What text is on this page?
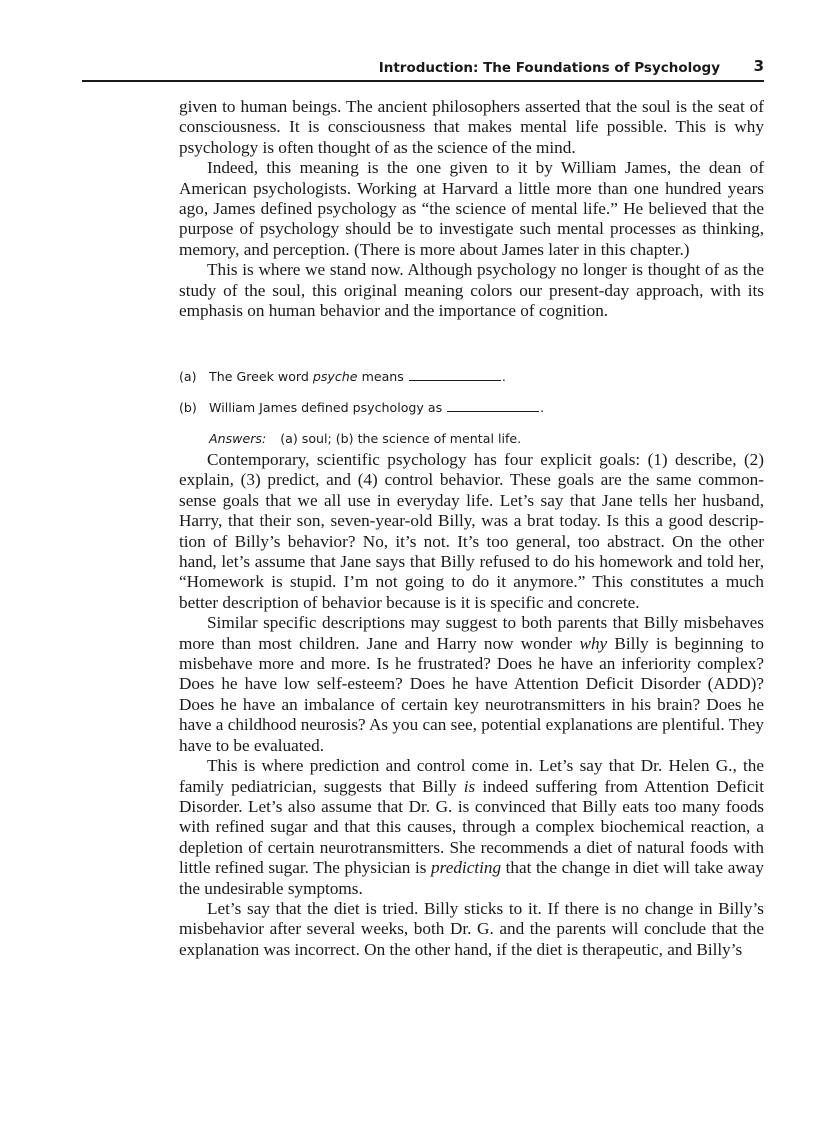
Introduction: The Foundations of Psychology 3

given to human beings. The ancient philosophers asserted that the soul is the seat of consciousness. It is consciousness that makes mental life possible. This is why psychology is often thought of as the science of the mind.

Indeed, this meaning is the one given to it by William James, the dean of American psychologists. Working at Harvard a little more than one hundred years ago, James defined psychology as “the science of mental life.” He believed that the purpose of psychology should be to investigate such mental processes as thinking, memory, and perception. (There is more about James later in this chapter.)

This is where we stand now. Although psychology no longer is thought of as the study of the soul, this original meaning colors our present-day approach, with its emphasis on human behavior and the importance of cognition.

(a) The Greek word psyche means	.
(b) William James defined psychology as	.
Answers: (a) soul; (b) the science of mental life.

Contemporary, scientific psychology has four explicit goals: (1) describe, (2) explain, (3) predict, and (4) control behavior. These goals are the same common-sense goals that we all use in everyday life. Let’s say that Jane tells her husband, Harry, that their son, seven-year-old Billy, was a brat today. Is this a good descrip-tion of Billy’s behavior? No, it’s not. It’s too general, too abstract. On the other hand, let’s assume that Jane says that Billy refused to do his homework and told her, “Homework is stupid. I’m not going to do it anymore.” This constitutes a much better description of behavior because is it is specific and concrete.

Similar specific descriptions may suggest to both parents that Billy misbehaves more than most children. Jane and Harry now wonder why Billy is beginning to misbehave more and more. Is he frustrated? Does he have an inferiority complex? Does he have low self-esteem? Does he have Attention Deficit Disorder (ADD)? Does he have an imbalance of certain key neurotransmitters in his brain? Does he have a childhood neurosis? As you can see, potential explanations are plentiful. They have to be evaluated.

This is where prediction and control come in. Let’s say that Dr. Helen G., the family pediatrician, suggests that Billy is indeed suffering from Attention Deficit Disorder. Let’s also assume that Dr. G. is convinced that Billy eats too many foods with refined sugar and that this causes, through a complex biochemical reaction, a depletion of certain neurotransmitters. She recommends a diet of natural foods with little refined sugar. The physician is predicting that the change in diet will take away the undesirable symptoms.

Let’s say that the diet is tried. Billy sticks to it. If there is no change in Billy’s misbehavior after several weeks, both Dr. G. and the parents will conclude that the explanation was incorrect. On the other hand, if the diet is therapeutic, and Billy’s
